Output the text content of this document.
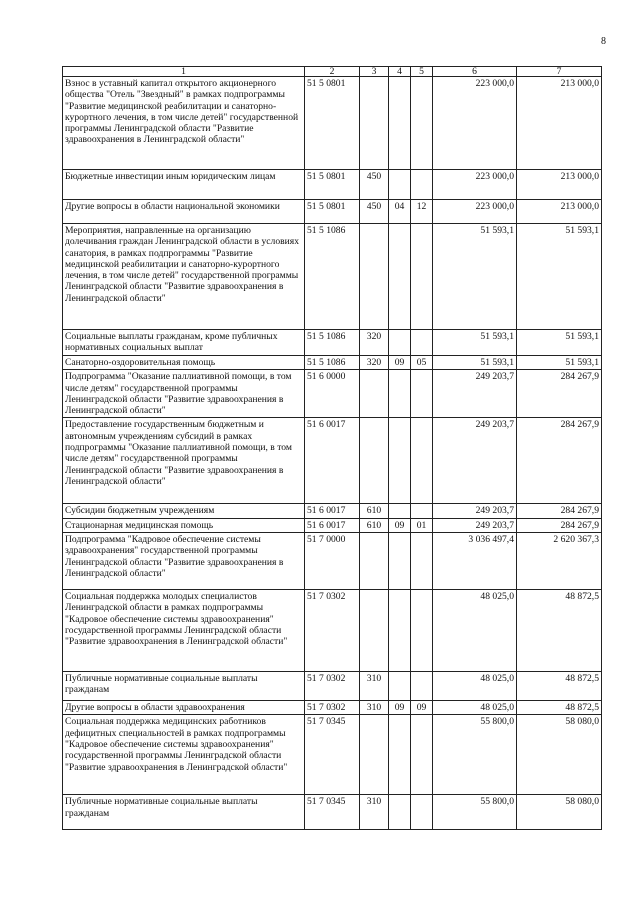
8
1	2	3	4	5	6	7
Взнос в уставный капитал открытого акционерного общества "Отель "Звездный" в рамках подпрограммы "Развитие медицинской реабилитации и санаторно-курортного лечения, в том числе детей" государственной программы Ленинградской области "Развитие здравоохранения в Ленинградской области"	51 5 0801				223 000,0	213 000,0
Бюджетные инвестиции иным юридическим лицам	51 5 0801	450			223 000,0	213 000,0
Другие вопросы в области национальной экономики	51 5 0801	450	04	12	223 000,0	213 000,0
Мероприятия, направленные на организацию долечивания граждан Ленинградской области в условиях санатория, в рамках подпрограммы "Развитие медицинской реабилитации и санаторно-курортного лечения, в том числе детей" государственной программы Ленинградской области "Развитие здравоохранения в Ленинградской области"	51 5 1086				51 593,1	51 593,1
Социальные выплаты гражданам, кроме публичных нормативных социальных выплат	51 5 1086	320			51 593,1	51 593,1
Санаторно-оздоровительная помощь	51 5 1086	320	09	05	51 593,1	51 593,1
Подпрограмма "Оказание паллиативной помощи, в том числе детям" государственной программы Ленинградской области "Развитие здравоохранения в Ленинградской области"	51 6 0000				249 203,7	284 267,9
Предоставление государственным бюджетным и автономным учреждениям субсидий в рамках подпрограммы "Оказание паллиативной помощи, в том числе детям" государственной программы Ленинградской области "Развитие здравоохранения в Ленинградской области"	51 6 0017				249 203,7	284 267,9
Субсидии бюджетным учреждениям	51 6 0017	610			249 203,7	284 267,9
Стационарная медицинская помощь	51 6 0017	610	09	01	249 203,7	284 267,9
Подпрограмма "Кадровое обеспечение системы здравоохранения" государственной программы Ленинградской области "Развитие здравоохранения в Ленинградской области"	51 7 0000				3 036 497,4	2 620 367,3
Социальная поддержка молодых специалистов Ленинградской области в рамках подпрограммы "Кадровое обеспечение системы здравоохранения" государственной программы Ленинградской области "Развитие здравоохранения в Ленинградской области"	51 7 0302				48 025,0	48 872,5
Публичные нормативные социальные выплаты гражданам	51 7 0302	310			48 025,0	48 872,5
Другие вопросы в области здравоохранения	51 7 0302	310	09	09	48 025,0	48 872,5
Социальная поддержка медицинских работников дефицитных специальностей в рамках подпрограммы "Кадровое обеспечение системы здравоохранения" государственной программы Ленинградской области "Развитие здравоохранения в Ленинградской области"	51 7 0345				55 800,0	58 080,0
Публичные нормативные социальные выплаты гражданам	51 7 0345	310			55 800,0	58 080,0
